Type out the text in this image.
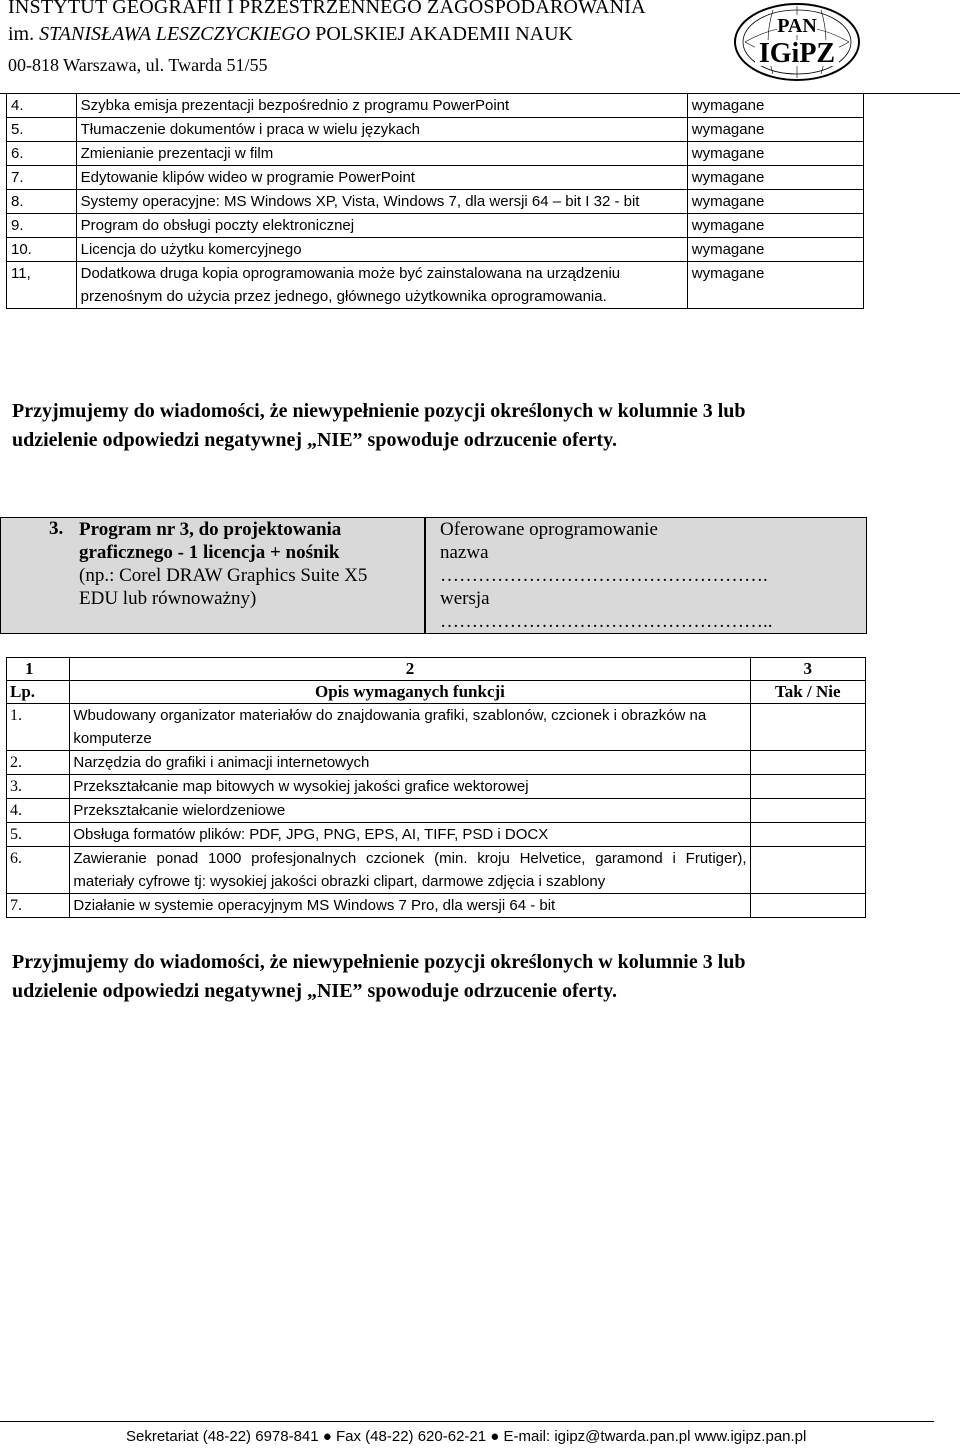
INSTYTUT GEOGRAFII I PRZESTRZENNEGO ZAGOSPODAROWANIA
im. STANISŁAWA LESZCZYCKIEGO POLSKIEJ AKADEMII NAUK
00-818 Warszawa, ul. Twarda 51/55
PAN
IGiPZ
4.	Szybka emisja prezentacji bezpośrednio z programu PowerPoint	wymagane
5.	Tłumaczenie dokumentów i praca w wielu językach	wymagane
6.	Zmienianie prezentacji w film	wymagane
7.	Edytowanie klipów wideo w programie PowerPoint	wymagane
8.	Systemy operacyjne: MS Windows XP, Vista, Windows 7, dla wersji 64 – bit I 32 - bit	wymagane
9.	Program do obsługi poczty elektronicznej	wymagane
10.	Licencja do użytku komercyjnego	wymagane
11,	Dodatkowa druga kopia oprogramowania może być zainstalowana na urządzeniu przenośnym do użycia przez jednego, głównego użytkownika oprogramowania.	wymagane
Przyjmujemy do wiadomości, że niewypełnienie pozycji określonych w kolumnie 3 lub
udzielenie odpowiedzi negatywnej „NIE” spowoduje odrzucenie oferty.
3. Program nr 3, do projektowania
graficznego - 1 licencja + nośnik
(np.: Corel DRAW Graphics Suite X5
EDU lub równoważny)
Oferowane oprogramowanie
nazwa
…………………………………………….
wersja
……………………………………………..
1	2	3
Lp.	Opis wymaganych funkcji	Tak / Nie
1.	Wbudowany organizator materiałów do znajdowania grafiki, szablonów, czcionek i obrazków na komputerze	
2.	Narzędzia do grafiki i animacji internetowych	
3.	Przekształcanie map bitowych w wysokiej jakości grafice wektorowej	
4.	Przekształcanie wielordzeniowe	
5.	Obsługa formatów plików: PDF, JPG, PNG, EPS, AI, TIFF, PSD i DOCX	
6.	Zawieranie ponad 1000 profesjonalnych czcionek (min. kroju Helvetice, garamond i Frutiger), materiały cyfrowe tj: wysokiej jakości obrazki clipart, darmowe zdjęcia i szablony	
7.	Działanie w systemie operacyjnym MS Windows 7 Pro, dla wersji 64 - bit	
Przyjmujemy do wiadomości, że niewypełnienie pozycji określonych w kolumnie 3 lub
udzielenie odpowiedzi negatywnej „NIE” spowoduje odrzucenie oferty.
Sekretariat (48-22) 6978-841 ● Fax (48-22) 620-62-21 ● E-mail: igipz@twarda.pan.pl www.igipz.pan.pl
